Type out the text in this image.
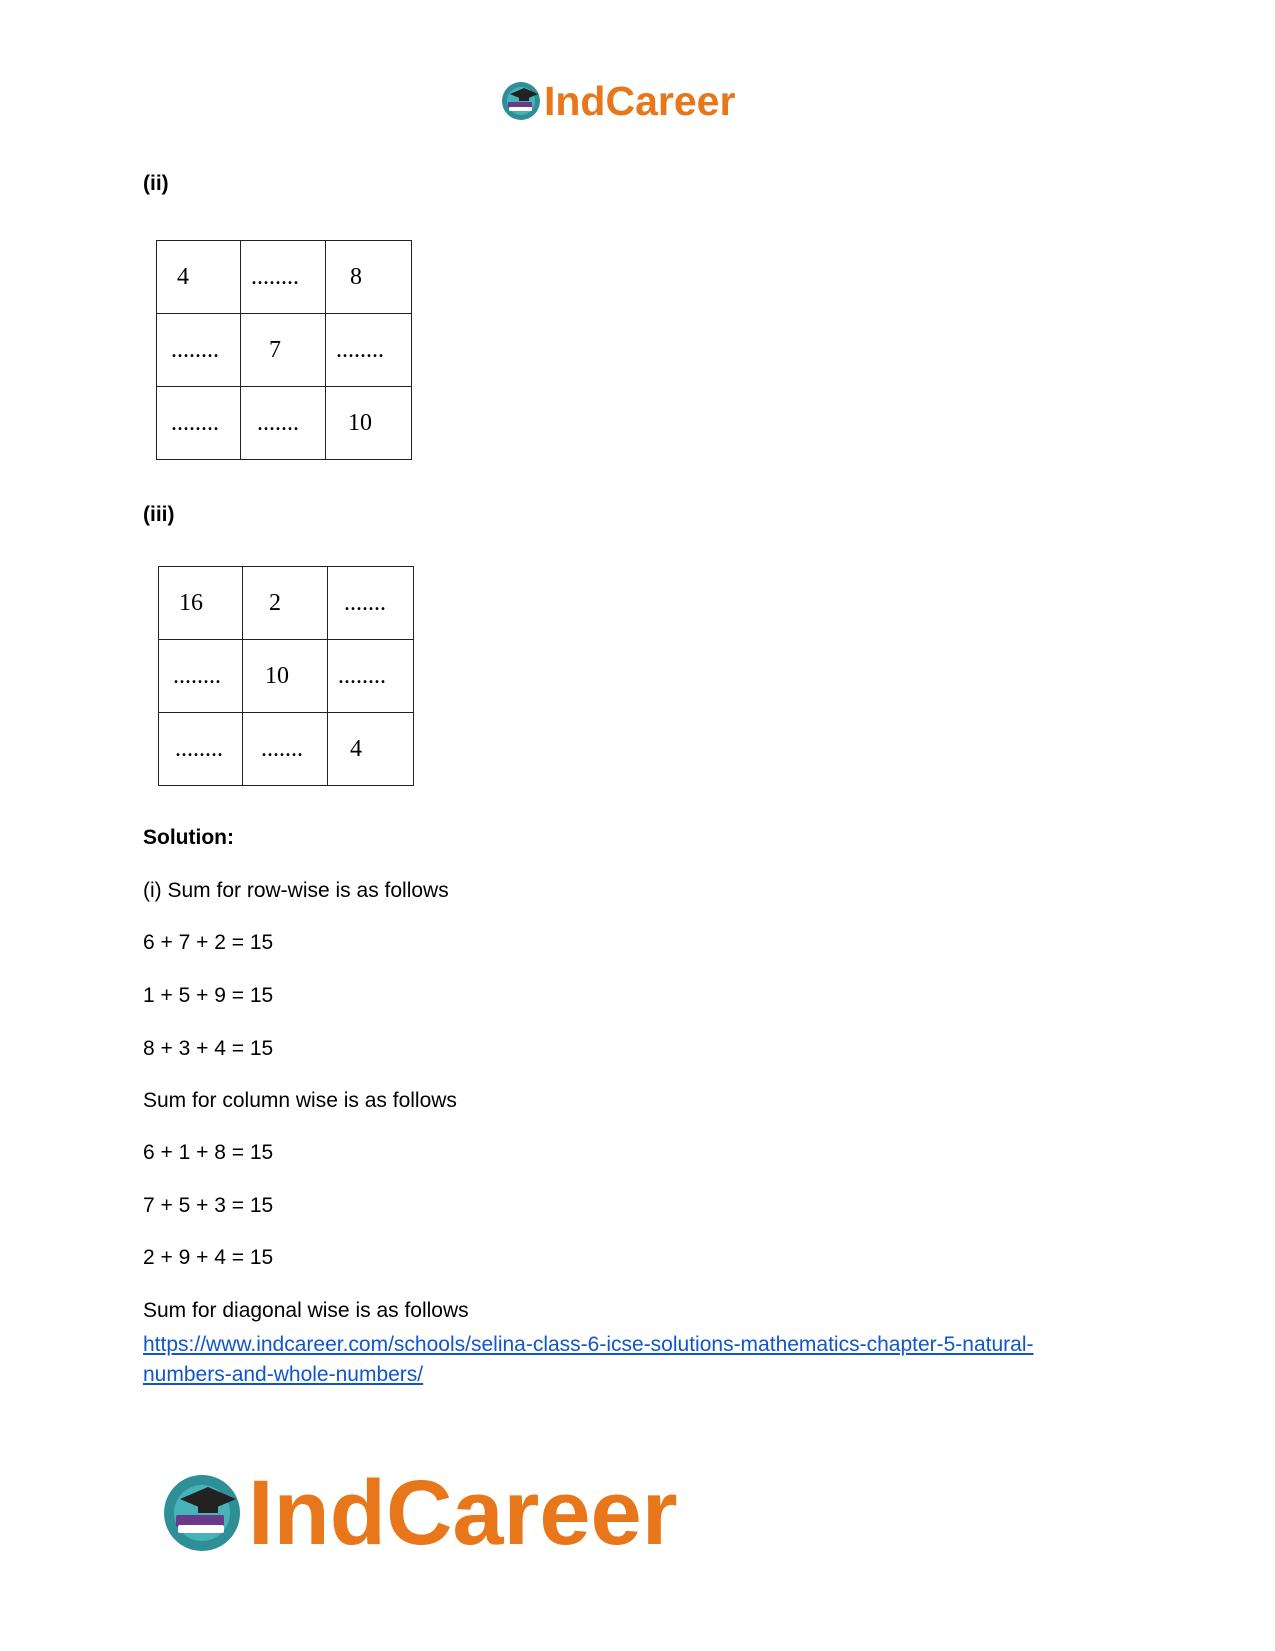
IndCareer
(ii)
4	........	8

........	7	........

........	.......	10
(iii)
16	2	.......

........	10	........

........	.......	4
Solution:
(i) Sum for row-wise is as follows
6 + 7 + 2 = 15
1 + 5 + 9 = 15
8 + 3 + 4 = 15
Sum for column wise is as follows
6 + 1 + 8 = 15
7 + 5 + 3 = 15
2 + 9 + 4 = 15
Sum for diagonal wise is as follows
https://www.indcareer.com/schools/selina-class-6-icse-solutions-mathematics-chapter-5-natural-
numbers-and-whole-numbers/
IndCareer
